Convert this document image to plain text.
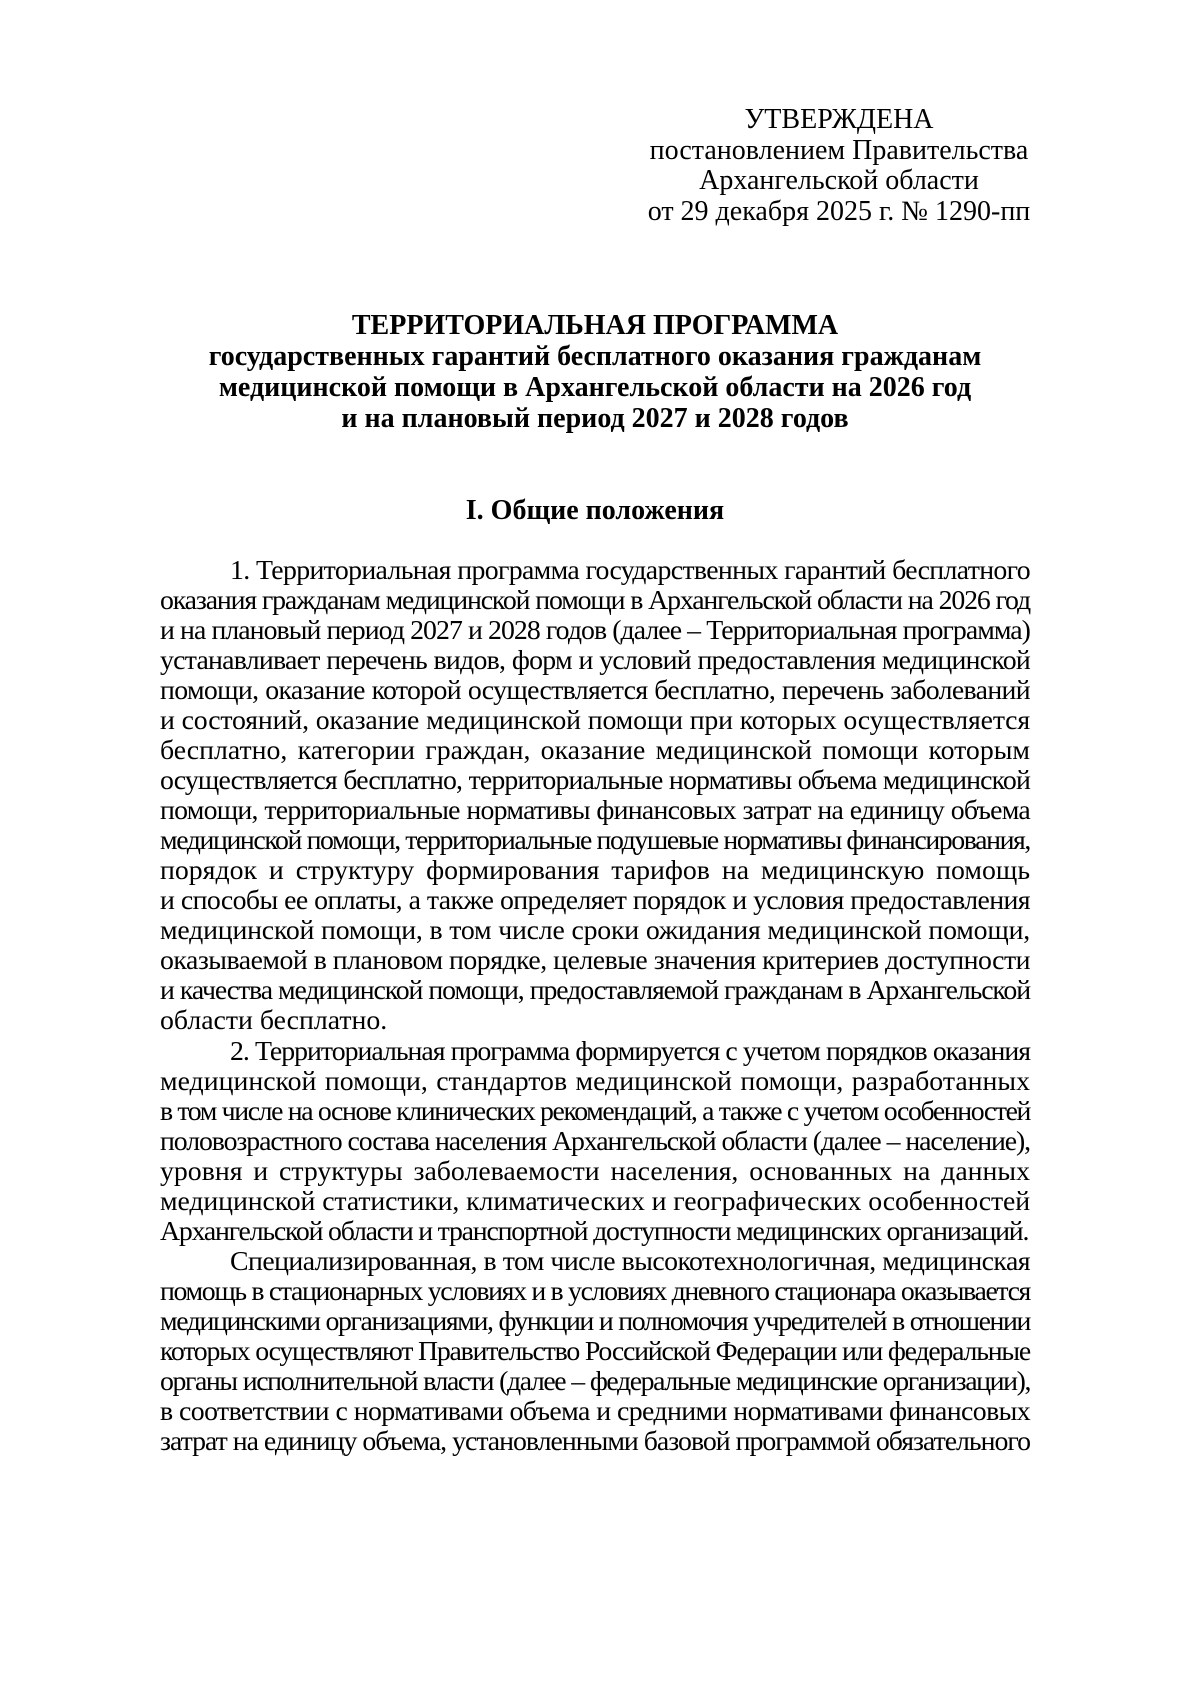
УТВЕРЖДЕНА
постановлением Правительства
Архангельской области
от 29 декабря 2025 г. № 1290-пп
ТЕРРИТОРИАЛЬНАЯ ПРОГРАММА
государственных гарантий бесплатного оказания гражданам
медицинской помощи в Архангельской области на 2026 год
и на плановый период 2027 и 2028 годов
I. Общие положения
1. Территориальная программа государственных гарантий бесплатного
оказания гражданам медицинской помощи в Архангельской области на 2026 год
и на плановый период 2027 и 2028 годов (далее – Территориальная программа)
устанавливает перечень видов, форм и условий предоставления медицинской
помощи, оказание которой осуществляется бесплатно, перечень заболеваний
и состояний, оказание медицинской помощи при которых осуществляется
бесплатно, категории граждан, оказание медицинской помощи которым
осуществляется бесплатно, территориальные нормативы объема медицинской
помощи, территориальные нормативы финансовых затрат на единицу объема
медицинской помощи, территориальные подушевые нормативы финансирования,
порядок и структуру формирования тарифов на медицинскую помощь
и способы ее оплаты, а также определяет порядок и условия предоставления
медицинской помощи, в том числе сроки ожидания медицинской помощи,
оказываемой в плановом порядке, целевые значения критериев доступности
и качества медицинской помощи, предоставляемой гражданам в Архангельской
области бесплатно.
2. Территориальная программа формируется с учетом порядков оказания
медицинской помощи, стандартов медицинской помощи, разработанных
в том числе на основе клинических рекомендаций, а также с учетом особенностей
половозрастного состава населения Архангельской области (далее – население),
уровня и структуры заболеваемости населения, основанных на данных
медицинской статистики, климатических и географических особенностей
Архангельской области и транспортной доступности медицинских организаций.
Специализированная, в том числе высокотехнологичная, медицинская
помощь в стационарных условиях и в условиях дневного стационара оказывается
медицинскими организациями, функции и полномочия учредителей в отношении
которых осуществляют Правительство Российской Федерации или федеральные
органы исполнительной власти (далее – федеральные медицинские организации),
в соответствии с нормативами объема и средними нормативами финансовых
затрат на единицу объема, установленными базовой программой обязательного
